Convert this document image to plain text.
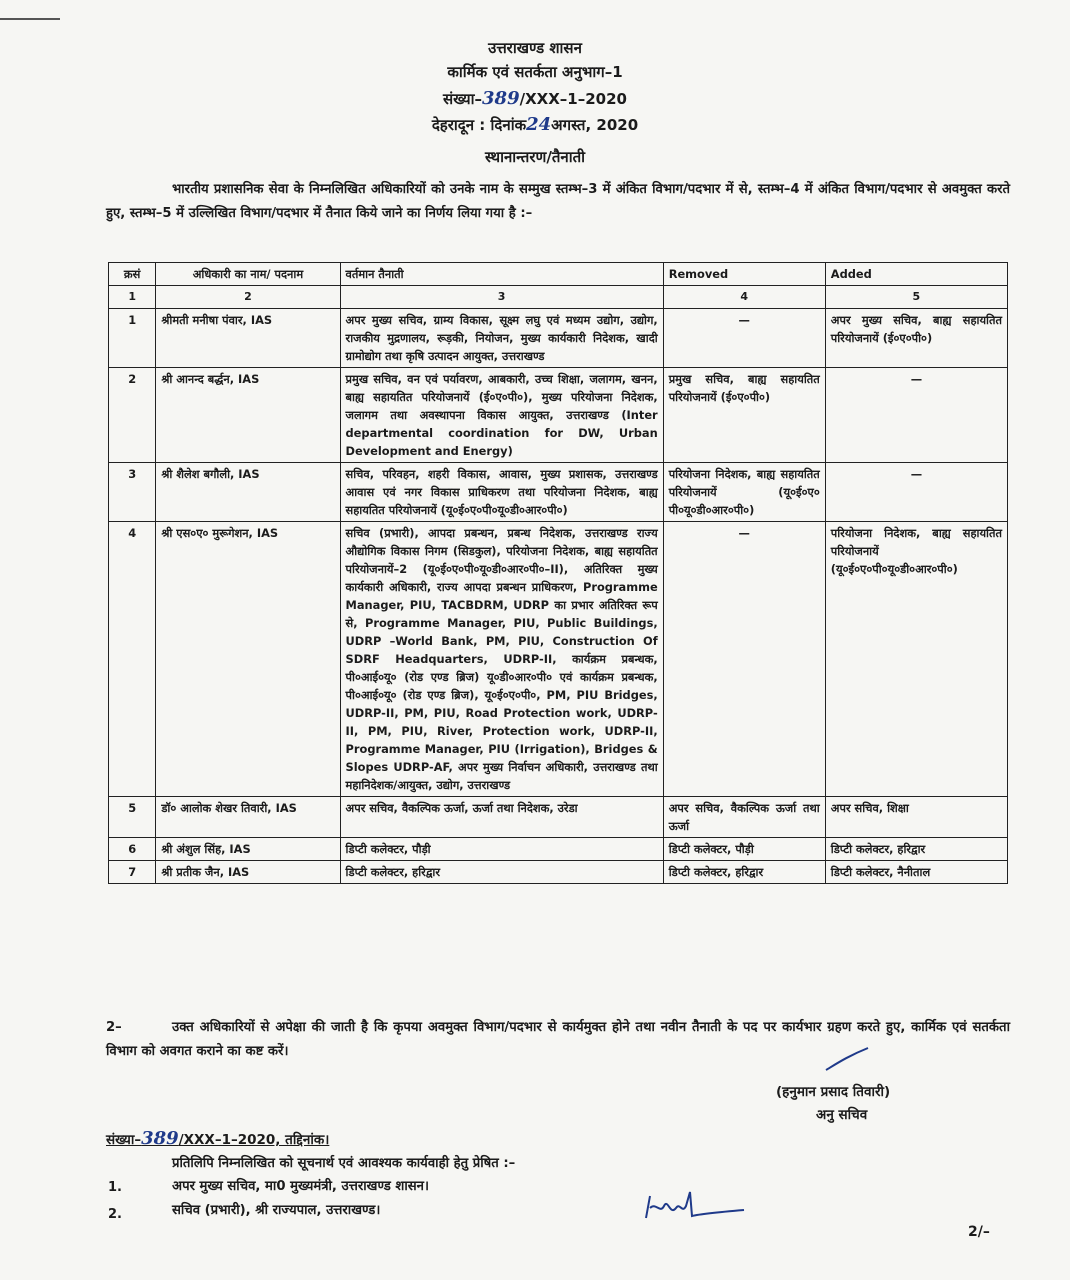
उत्तराखण्ड शासन
कार्मिक एवं सतर्कता अनुभाग–1
संख्या–389/XXX–1–2020
देहरादून : दिनांक24अगस्त, 2020
स्थानान्तरण/तैनाती
भारतीय प्रशासनिक सेवा के निम्नलिखित अधिकारियों को उनके नाम के सम्मुख स्तम्भ–3 में अंकित विभाग/पदभार में से, स्तम्भ–4 में अंकित विभाग/पदभार से अवमुक्त करते हुए, स्तम्भ–5 में उल्लिखित विभाग/पदभार में तैनात किये जाने का निर्णय लिया गया है :–
क्रसं	अधिकारी का नाम/ पदनाम	वर्तमान तैनाती	Removed	Added
1	2	3	4	5
1	श्रीमती मनीषा पंवार, IAS	अपर मुख्य सचिव, ग्राम्य विकास, सूक्ष्म लघु एवं मध्यम उद्योग, उद्योग, राजकीय मुद्रणालय, रूड़की, नियोजन, मुख्य कार्यकारी निदेशक, खादी ग्रामोद्योग तथा कृषि उत्पादन आयुक्त, उत्तराखण्ड	—	अपर मुख्य सचिव, बाह्य सहायतित परियोजनायें (ई०ए०पी०)
2	श्री आनन्द बर्द्धन, IAS	प्रमुख सचिव, वन एवं पर्यावरण, आबकारी, उच्च शिक्षा, जलागम, खनन, बाह्य सहायतित परियोजनायें (ई०ए०पी०), मुख्य परियोजना निदेशक, जलागम तथा अवस्थापना विकास आयुक्त, उत्तराखण्ड (Inter departmental coordination for DW, Urban Development and Energy)	प्रमुख सचिव, बाह्य सहायतित परियोजनायें (ई०ए०पी०)	—

3	श्री शैलेश बगौली, IAS	सचिव, परिवहन, शहरी विकास, आवास, मुख्य प्रशासक, उत्तराखण्ड आवास एवं नगर विकास प्राधिकरण तथा परियोजना निदेशक, बाह्य सहायतित परियोजनायें (यू०ई०ए०पी०यू०डी०आर०पी०)	परियोजना निदेशक, बाह्य सहायतित परियोजनायें (यू०ई०ए० पी०यू०डी०आर०पी०)	—

4	श्री एस०ए० मुरूगेशन, IAS	सचिव (प्रभारी), आपदा प्रबन्धन, प्रबन्ध निदेशक, उत्तराखण्ड राज्य औद्योगिक विकास निगम (सिडकुल), परियोजना निदेशक, बाह्य सहायतित परियोजनायें–2 (यू०ई०ए०पी०यू०डी०आर०पी०–II), अतिरिक्त मुख्य कार्यकारी अधिकारी, राज्य आपदा प्रबन्धन प्राधिकरण, Programme Manager, PIU, TACBDRM, UDRP का प्रभार अतिरिक्त रूप से, Programme Manager, PIU, Public Buildings, UDRP –World Bank, PM, PIU, Construction Of SDRF Headquarters, UDRP-II, कार्यक्रम प्रबन्धक, पी०आई०यू० (रोड एण्ड ब्रिज) यू०डी०आर०पी० एवं कार्यक्रम प्रबन्धक, पी०आई०यू० (रोड एण्ड ब्रिज), यू०ई०ए०पी०, PM, PIU Bridges, UDRP-II, PM, PIU, Road Protection work, UDRP-II, PM, PIU, River, Protection work, UDRP-II, Programme Manager, PIU (Irrigation), Bridges & Slopes UDRP-AF, अपर मुख्य निर्वाचन अधिकारी, उत्तराखण्ड तथा महानिदेशक/आयुक्त, उद्योग, उत्तराखण्ड	—	परियोजना निदेशक, बाह्य सहायतित परियोजनायें (यू०ई०ए०पी०यू०डी०आर०पी०)
5	डॉ० आलोक शेखर तिवारी, IAS	अपर सचिव, वैकल्पिक ऊर्जा, ऊर्जा तथा निदेशक, उरेडा	अपर सचिव, वैकल्पिक ऊर्जा तथा ऊर्जा	अपर सचिव, शिक्षा
6	श्री अंशुल सिंह, IAS	डिप्टी कलेक्टर, पौड़ी	डिप्टी कलेक्टर, पौड़ी	डिप्टी कलेक्टर, हरिद्वार
7	श्री प्रतीक जैन, IAS	डिप्टी कलेक्टर, हरिद्वार	डिप्टी कलेक्टर, हरिद्वार	डिप्टी कलेक्टर, नैनीताल
2–	उक्त अधिकारियों से अपेक्षा की जाती है कि कृपया अवमुक्त विभाग/पदभार से कार्यमुक्त होने तथा नवीन तैनाती के पद पर कार्यभार ग्रहण करते हुए, कार्मिक एवं सतर्कता विभाग को अवगत कराने का कष्ट करें।
(हनुमान प्रसाद तिवारी)
अनु सचिव
संख्या–389/XXX–1–2020, तद्दिनांक।
प्रतिलिपि निम्नलिखित को सूचनार्थ एवं आवश्यक कार्यवाही हेतु प्रेषित :–
1.	अपर मुख्य सचिव, मा0 मुख्यमंत्री, उत्तराखण्ड शासन।
2.	सचिव (प्रभारी), श्री राज्यपाल, उत्तराखण्ड।
2/–
